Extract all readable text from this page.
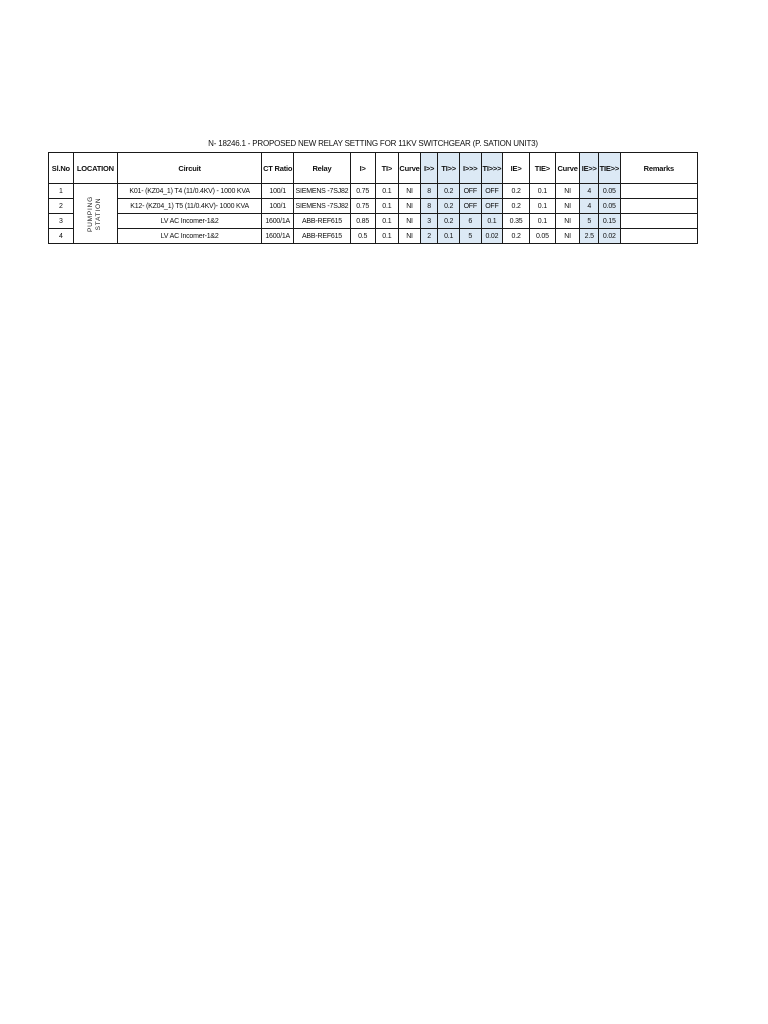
N- 18246.1 - PROPOSED NEW RELAY SETTING FOR 11KV SWITCHGEAR (P. SATION UNIT3)
Sl.No	LOCATION	Circuit	CT Ratio	Relay	I>	TI>	Curve	I>>	TI>>	I>>>	TI>>>	IE>	TIE>	Curve	IE>>	TIE>>	Remarks
1	PUMPING STATION	K01- (KZ04_1) T4 (11/0.4KV) - 1000 KVA	100/1	SIEMENS -7SJ82	0.75	0.1	NI	8	0.2	OFF	OFF	0.2	0.1	NI	4	0.05	
2		K12- (KZ04_1) T5 (11/0.4KV)- 1000 KVA	100/1	SIEMENS -7SJ82	0.75	0.1	NI	8	0.2	OFF	OFF	0.2	0.1	NI	4	0.05	
3		LV AC Incomer-1&2	1600/1A	ABB-REF615	0.85	0.1	NI	3	0.2	6	0.1	0.35	0.1	NI	5	0.15	
4		LV AC Incomer-1&2	1600/1A	ABB-REF615	0.5	0.1	NI	2	0.1	5	0.02	0.2	0.05	NI	2.5	0.02	
